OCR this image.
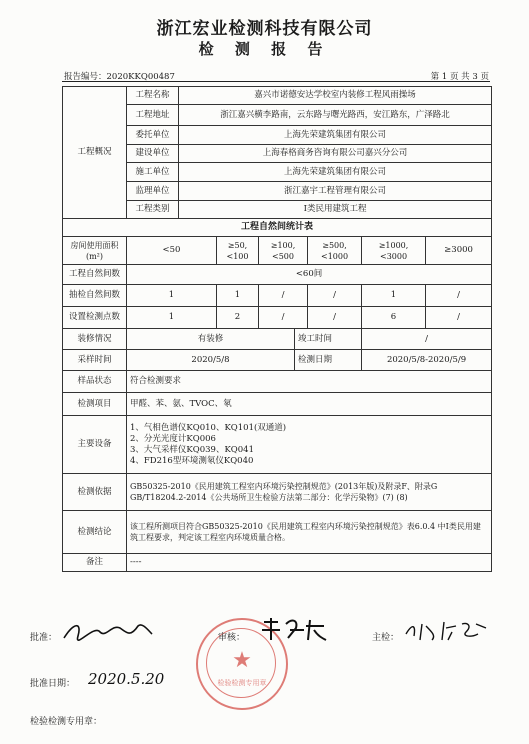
浙江宏业检测科技有限公司
检 测 报 告
报告编号：2020KKQ00487	第 1 页 共 3 页
工程概况	工程名称	嘉兴市诺德安达学校室内装修工程风雨操场						
	工程地址	浙江嘉兴横李路南，云东路与曙光路西，安江路东，广泽路北						
	委托单位	上海先荣建筑集团有限公司						
	建设单位	上海春格商务咨询有限公司嘉兴分公司						
	施工单位	上海先荣建筑集团有限公司						
	监理单位	浙江嘉宇工程管理有限公司						
	工程类别	Ⅰ类民用建筑工程						
工程自然间统计表								
房间使用面积(m²)	<50		≥50, <100	≥100, <500		≥500, <1000	≥1000, <3000	≥3000
工程自然间数	<60间							
抽检自然间数	1		1	/		/	1	/
设置检测点数	1		2	/		/	6	/
装修情况	有装修				竣工时间		/	
采样时间	2020/5/8				检测日期		2020/5/8-2020/5/9	
样品状态	符合检测要求							
检测项目	甲醛、苯、氨、TVOC、氡							
主要设备	1、气相色谱仪KQ010、KQ101(双通道)
2、分光光度计KQ006
3、大气采样仪KQ039、KQ041
4、FD216型环境测氡仪KQ040							

检测依据	GB50325-2010《民用建筑工程室内环境污染控制规范》(2013年版)及附录F、附录G GB/T18204.2-2014《公共场所卫生检验方法第二部分：化学污染物》(7) (8)							
检测结论	该工程所测项目符合GB50325-2010《民用建筑工程室内环境污染控制规范》表6.0.4 中Ⅰ类民用建筑工程要求，判定该工程室内环境质量合格。							
备注	----							
★
检验检测专用章
批准：	审核：	主检：
批准日期： 2020.5.20
检验检测专用章：
